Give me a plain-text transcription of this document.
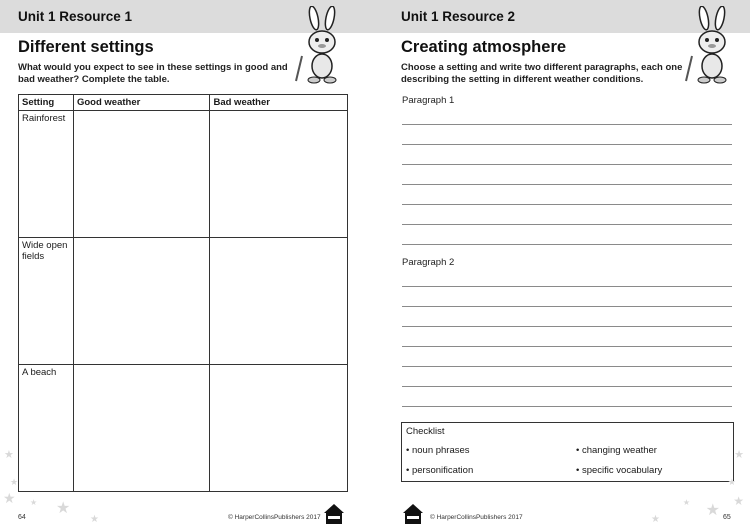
Unit 1 Resource 1
Different settings
What would you expect to see in these settings in good and
bad weather? Complete the table.
Setting	Good weather	Bad weather

Rainforest		

Wide open
fields		

A beach		

★
★
★ ★ ★
★
64	© HarperCollinsPublishers 2017
Unit 1 Resource 2
Creating atmosphere
Choose a setting and write two different paragraphs, each one
describing the setting in different weather conditions.
Paragraph 1
Paragraph 2
Checklist
• noun phrases	• changing weather
• personification	• specific vocabulary
★
★
★
★	★
★
© HarperCollinsPublishers 2017	65
